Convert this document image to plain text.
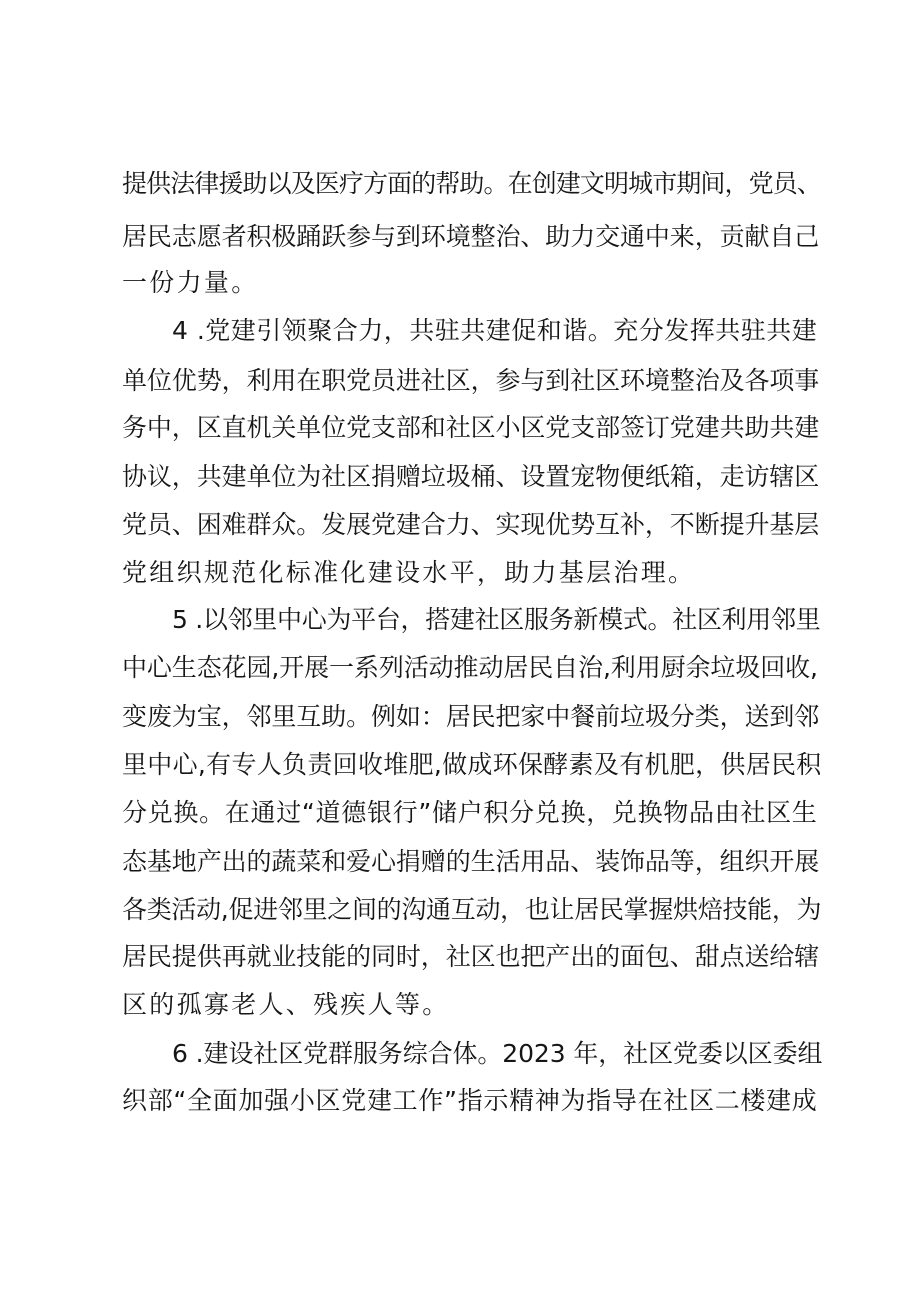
提供法律援助以及医疗方面的帮助。在创建文明城市期间，党员、
居民志愿者积极踊跃参与到环境整治、助力交通中来，贡献自己
一份力量。
4 .党建引领聚合力，共驻共建促和谐。充分发挥共驻共建
单位优势，利用在职党员进社区，参与到社区环境整治及各项事
务中，区直机关单位党支部和社区小区党支部签订党建共助共建
协议，共建单位为社区捐赠垃圾桶、设置宠物便纸箱，走访辖区
党员、困难群众。发展党建合力、实现优势互补，不断提升基层
党组织规范化标准化建设水平，助力基层治理。
5 .以邻里中心为平台，搭建社区服务新模式。社区利用邻里
中心生态花园,开展一系列活动推动居民自治,利用厨余垃圾回收,
变废为宝，邻里互助。例如：居民把家中餐前垃圾分类，送到邻
里中心,有专人负责回收堆肥,做成环保酵素及有机肥，供居民积
分兑换。在通过“道德银行”储户积分兑换，兑换物品由社区生
态基地产出的蔬菜和爱心捐赠的生活用品、装饰品等，组织开展
各类活动,促进邻里之间的沟通互动，也让居民掌握烘焙技能，为
居民提供再就业技能的同时，社区也把产出的面包、甜点送给辖
区的孤寡老人、残疾人等。
6 .建设社区党群服务综合体。2023 年，社区党委以区委组
织部“全面加强小区党建工作”指示精神为指导在社区二楼建成
